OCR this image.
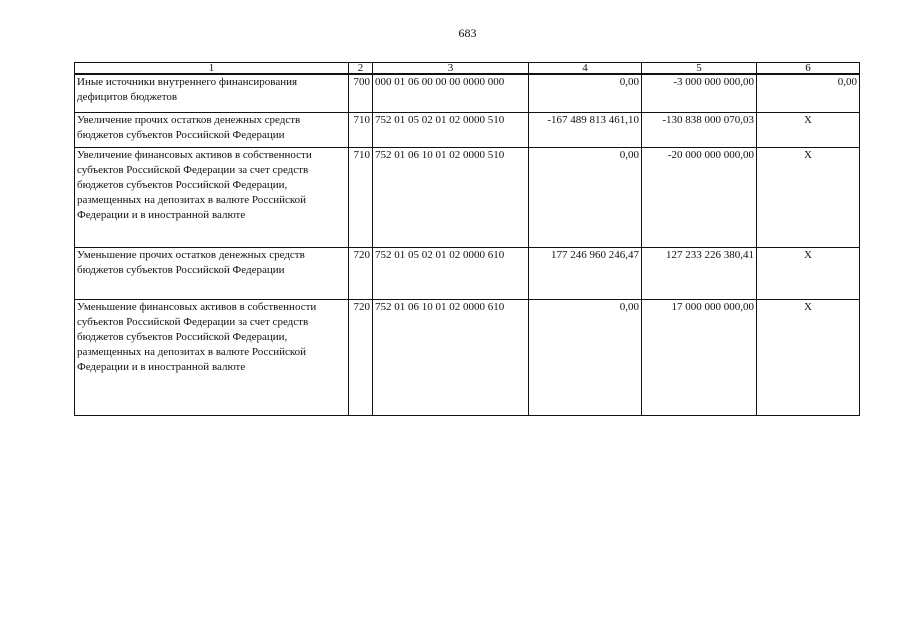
683
1	2	3	4	5	6
Иные источники внутреннего финансирования дефицитов бюджетов	700	000 01 06 00 00 00 0000 000	0,00	-3 000 000 000,00	0,00
Увеличение прочих остатков денежных средств бюджетов субъектов Российской Федерации	710	752 01 05 02 01 02 0000 510	-167 489 813 461,10	-130 838 000 070,03	X
Увеличение финансовых активов в собственности субъектов Российской Федерации за счет средств бюджетов субъектов Российской Федерации, размещенных на депозитах в валюте Российской Федерации и в иностранной валюте	710	752 01 06 10 01 02 0000 510	0,00	-20 000 000 000,00	X
Уменьшение прочих остатков денежных средств бюджетов субъектов Российской Федерации	720	752 01 05 02 01 02 0000 610	177 246 960 246,47	127 233 226 380,41	X
Уменьшение финансовых активов в собственности субъектов Российской Федерации за счет средств бюджетов субъектов Российской Федерации, размещенных на депозитах в валюте Российской Федерации и в иностранной валюте	720	752 01 06 10 01 02 0000 610	0,00	17 000 000 000,00	X
